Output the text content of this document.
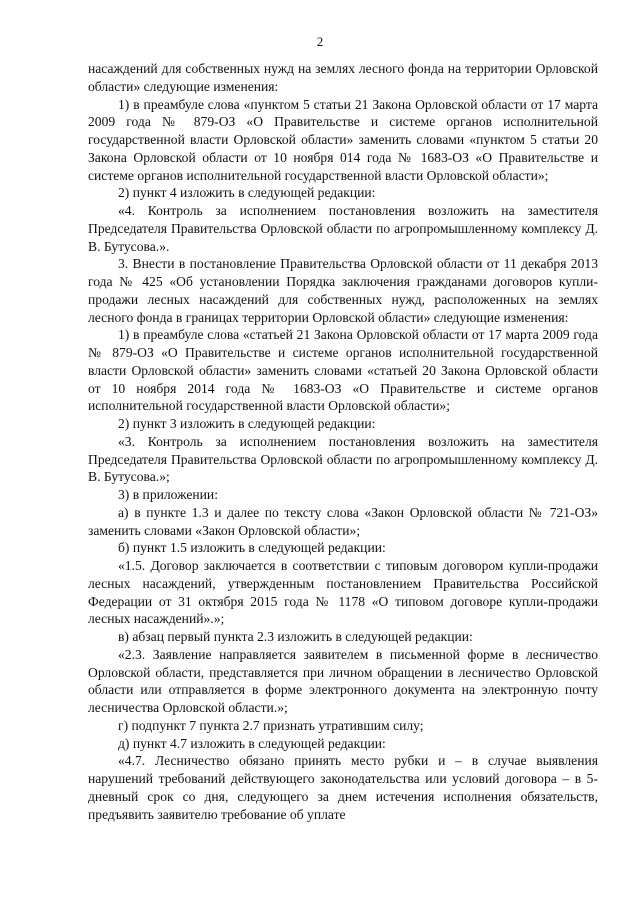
2

насаждений для собственных нужд на землях лесного фонда на территории Орловской области» следующие изменения:

1) в преамбуле слова «пунктом 5 статьи 21 Закона Орловской области от 17 марта 2009 года № 879-ОЗ «О Правительстве и системе органов исполнительной государственной власти Орловской области» заменить словами «пунктом 5 статьи 20 Закона Орловской области от 10 ноября 014 года № 1683-ОЗ «О Правительстве и системе органов исполнительной государственной власти Орловской области»;

2) пункт 4 изложить в следующей редакции:

«4. Контроль за исполнением постановления возложить на заместителя Председателя Правительства Орловской области по агропромышленному комплексу Д. В. Бутусова.».

3. Внести в постановление Правительства Орловской области от 11 декабря 2013 года № 425 «Об установлении Порядка заключения гражданами договоров купли-продажи лесных насаждений для собственных нужд, расположенных на землях лесного фонда в границах территории Орловской области» следующие изменения:

1) в преамбуле слова «статьей 21 Закона Орловской области от 17 марта 2009 года № 879-ОЗ «О Правительстве и системе органов исполнительной государственной власти Орловской области» заменить словами «статьей 20 Закона Орловской области от 10 ноября 2014 года № 1683-ОЗ «О Правительстве и системе органов исполнительной государственной власти Орловской области»;

2) пункт 3 изложить в следующей редакции:

«3. Контроль за исполнением постановления возложить на заместителя Председателя Правительства Орловской области по агропромышленному комплексу Д. В. Бутусова.»;

3) в приложении:

а) в пункте 1.3 и далее по тексту слова «Закон Орловской области № 721-ОЗ» заменить словами «Закон Орловской области»;

б) пункт 1.5 изложить в следующей редакции:

«1.5. Договор заключается в соответствии с типовым договором купли-продажи лесных насаждений, утвержденным постановлением Правительства Российской Федерации от 31 октября 2015 года № 1178 «О типовом договоре купли-продажи лесных насаждений».»;

в) абзац первый пункта 2.3 изложить в следующей редакции:

«2.3. Заявление направляется заявителем в письменной форме в лесничество Орловской области, представляется при личном обращении в лесничество Орловской области или отправляется в форме электронного документа на электронную почту лесничества Орловской области.»;

г) подпункт 7 пункта 2.7 признать утратившим силу;

д) пункт 4.7 изложить в следующей редакции:

«4.7. Лесничество обязано принять место рубки и – в случае выявления нарушений требований действующего законодательства или условий договора – в 5-дневный срок со дня, следующего за днем истечения исполнения обязательств, предъявить заявителю требование об уплате
